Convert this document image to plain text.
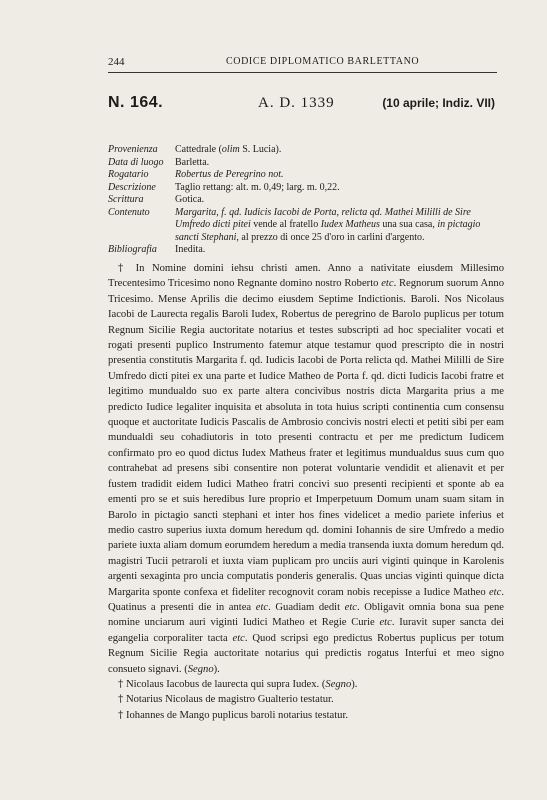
244	CODICE DIPLOMATICO BARLETTANO
N. 164.	A. D. 1339	(10 aprile; Indiz. VII)
Provenienza	Cattedrale (olim S. Lucia).
Data di luogo	Barletta.
Rogatario	Robertus de Peregrino not.
Descrizione	Taglio rettang: alt. m. 0,49; larg. m. 0,22.
Scrittura	Gotica.
Contenuto	Margarita, f. qd. Iudicis Iacobi de Porta, relicta qd. Mathei Mililli de Sire Umfredo dicti pitei vende al fratello Iudex Matheus una sua casa, in pictagio sancti Stephani, al prezzo di once 25 d'oro in carlini d'argento.
Bibliografia	Inedita.

† In Nomine domini iehsu christi amen. Anno a nativitate eiusdem Millesimo Trecentesimo Tricesimo nono Regnante domino nostro Roberto etc. Regnorum suorum Anno Tricesimo. Mense Aprilis die decimo eiusdem Septime Indictionis. Baroli. Nos Nicolaus Iacobi de Laurecta regalis Baroli Iudex, Robertus de peregrino de Barolo puplicus per totum Regnum Sicilie Regia auctoritate notarius et testes subscripti ad hoc specialiter vocati et rogati presenti puplico Instrumento fatemur atque testamur quod prescripto die in nostri presentia constitutis Margarita f. qd. Iudicis Iacobi de Porta relicta qd. Mathei Mililli de Sire Umfredo dicti pitei ex una parte et Iudice Matheo de Porta f. qd. dicti Iudicis Iacobi fratre et legitimo mundualdo suo ex parte altera concivibus nostris dicta Margarita prius a me predicto Iudice legaliter inquisita et absoluta in tota huius scripti continentia cum consensu quoque et auctoritate Iudicis Pascalis de Ambrosio concivis nostri electi et petiti sibi per eam mundualdi seu cohadiutoris in toto presenti contractu et per me predictum Iudicem confirmato pro eo quod dictus Iudex Matheus frater et legitimus mundualdus suus cum quo contrahebat ad presens sibi consentire non poterat voluntarie vendidit et alienavit et per fustem tradidit eidem Iudici Matheo fratri concivi suo presenti recipienti et sponte ab ea ementi pro se et suis heredibus Iure proprio et Imperpetuum Domum unam suam sitam in Barolo in pictagio sancti stephani et inter hos fines videlicet a medio pariete inferius et medio castro superius iuxta domum heredum qd. domini Iohannis de sire Umfredo a medio pariete iuxta aliam domum eorumdem heredum a media transenda iuxta domum heredum qd. magistri Tucii petraroli et iuxta viam puplicam pro unciis auri viginti quinque in Karolenis argenti sexaginta pro uncia computatis ponderis generalis. Quas uncias viginti quinque dicta Margarita sponte confexa et fideliter recognovit coram nobis recepisse a Iudice Matheo etc. Quatinus a presenti die in antea etc. Guadiam dedit etc. Obligavit omnia bona sua pene nomine unciarum auri viginti Iudici Matheo et Regie Curie etc. Iuravit super sancta dei egangelia corporaliter tacta etc. Quod scripsi ego predictus Robertus puplicus per totum Regnum Sicilie Regia auctoritate notarius qui predictis rogatus Interfui et meo signo consueto signavi. (Segno).

† Nicolaus Iacobus de laurecta qui supra Iudex. (Segno).
† Notarius Nicolaus de magistro Gualterio testatur.
† Iohannes de Mango puplicus baroli notarius testatur.
